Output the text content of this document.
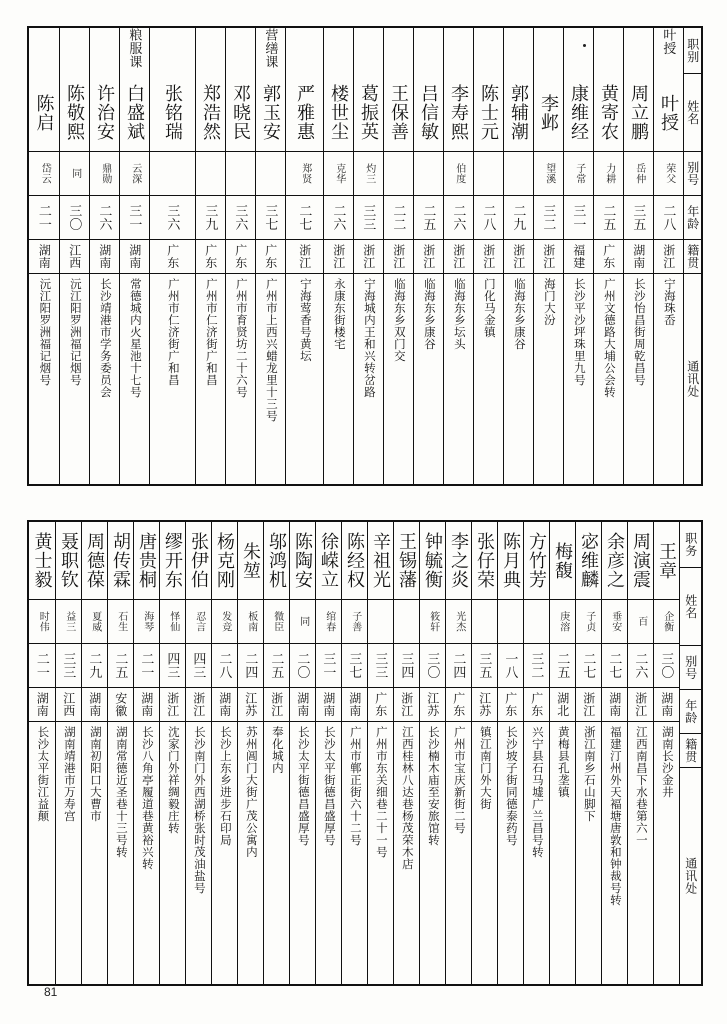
职别
姓名
别号
年龄
籍贯
通讯处
叶授
叶授
荣父
二八
浙江
宁海珠岙
周立鹏
岳仲
三五
湖南
长沙怡昌街周乾昌号
黄寄农
力耕
二五
广东
广州文德路大埔公会转
康维经
子常
三一
福建
长沙平沙坪珠里九号
李邺
望溪
三二
浙江
海门大汾
郭辅潮
二九
浙江
临海东乡康谷
陈士元
二八
浙江
门化马金镇
李寿熙
伯度
二六
浙江
临海东乡坛头
吕信敏
二五
浙江
临海东乡康谷
王保善
二二
浙江
临海东乡双门交
葛振英
灼三
三三
浙江
宁海城内王和兴转岔路
楼世尘
克华
二六
浙江
永康东街楼宅
严雅惠
郑贤
二七
浙江
宁海莺香号黄坛
营缮课
郭玉安
三七
广东
广州市上西兴蜡龙里十三号
邓晓民
三六
广东
广州市育贤坊二十六号
郑浩然
三九
广东
广州市仁济街广和昌
张铭瑞
三六
广东
广州市仁济街广和昌
粮服课
白盛斌
云深
三一
湖南
常德城内火星池十七号
许治安
鼎勋
二六
湖南
长沙靖港市学务委员会
陈敬熙
同
三〇
江西
沅江阳罗洲福记烟号
陈启
岱云
二一
湖南
沅江阳罗洲福记烟号
职务
姓名
别号
年龄
籍贯
通讯处
王章
企衡
三〇
湖南
湖南长沙金井
周演震
百
二六
浙江
江西南昌下水巷第六一
余彦之
垂安
二七
湖南
福建汀州外天褔塘唐敦和钟裁号转
宓维麟
子贞
二七
浙江
浙江南乡石山脚下
梅馥
庚溶
二五
湖北
黄梅县孔垄镇
方竹芳
三二
广东
兴宁县石马墟广兰昌号转
陈月典
一八
广东
长沙坡子街同德泰药号
张仔荣
三五
江苏
镇江南门外大街
李之炎
光杰
二四
广东
广州市宝庆新街二号
钟毓衡
筱轩
三〇
江苏
长沙楠木庙至安旅馆转
王锡藩
三四
浙江
江西桂林八达巷杨茂荣木店
辛祖光
三三
广东
广州市东关细巷二十一号
陈经权
子善
三七
湖南
广州市郸正街六十二号
徐嵘立
绾春
三一
湖南
长沙太平街德昌盛厚号
陈陶安
同
二〇
湖南
长沙太平街德昌盛厚号
邬鸿机
微臣
二五
浙江
奉化城内
朱堃
板南
二四
江苏
苏州阊门大街广茂公寓内
杨克刚
发竞
二八
湖南
长沙上东乡进步石印局
张伊伯
忍言
四三
浙江
长沙南门外西湖桥张时茂油盐号
缪开东
怿仙
四三
浙江
沈家门外祥绸毅庄转
唐贵桐
海琴
二一
湖南
长沙八角亭履道巷黄裕兴转
胡传霖
石生
二五
安徽
湖南常德近圣巷十三号转
周德葆
夏威
二九
湖南
湖南初阳口大曹市
聂职钦
益三
三三
江西
湖南靖港市万寿宫
黄士毅
时伟
二一
湖南
长沙太平街江益颠
81
